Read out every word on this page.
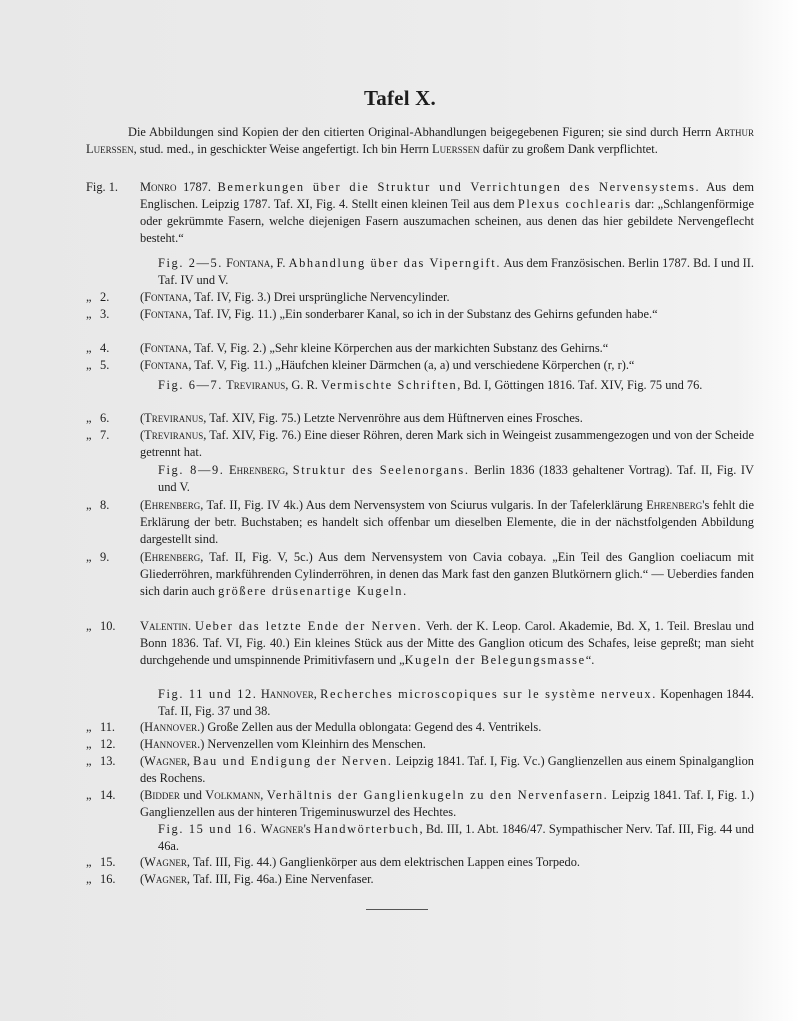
Tafel X.
Die Abbildungen sind Kopien der den citierten Original-Abhandlungen beigegebenen Figuren; sie sind durch Herrn Arthur Luerssen, stud. med., in geschickter Weise angefertigt. Ich bin Herrn Luerssen dafür zu großem Dank verpflichtet.
Fig. 1. Monro 1787. Bemerkungen über die Struktur und Verrichtungen des Nervensystems. Aus dem Englischen. Leipzig 1787. Taf. XI, Fig. 4. Stellt einen kleinen Teil aus dem Plexus cochlearis dar: „Schlangenförmige oder gekrümmte Fasern, welche diejenigen Fasern auszumachen scheinen, aus denen das hier gebildete Nervengeflecht besteht.“
Fig. 2—5. Fontana, F. Abhandlung über das Viperngift. Aus dem Französischen. Berlin 1787. Bd. I und II. Taf. IV und V.
„ 2. (Fontana, Taf. IV, Fig. 3.) Drei ursprüngliche Nervencylinder.
„ 3. (Fontana, Taf. IV, Fig. 11.) „Ein sonderbarer Kanal, so ich in der Substanz des Gehirns gefunden habe.“
„ 4. (Fontana, Taf. V, Fig. 2.) „Sehr kleine Körperchen aus der markichten Substanz des Gehirns.“
„ 5. (Fontana, Taf. V, Fig. 11.) „Häufchen kleiner Därmchen (a, a) und verschiedene Körperchen (r, r).“
Fig. 6—7. Treviranus, G. R. Vermischte Schriften, Bd. I, Göttingen 1816. Taf. XIV, Fig. 75 und 76.
„ 6. (Treviranus, Taf. XIV, Fig. 75.) Letzte Nervenröhre aus dem Hüftnerven eines Frosches.
„ 7. (Treviranus, Taf. XIV, Fig. 76.) Eine dieser Röhren, deren Mark sich in Weingeist zusammengezogen und von der Scheide getrennt hat.
Fig. 8—9. Ehrenberg, Struktur des Seelenorgans. Berlin 1836 (1833 gehaltener Vortrag). Taf. II, Fig. IV und V.
„ 8. (Ehrenberg, Taf. II, Fig. IV 4k.) Aus dem Nervensystem von Sciurus vulgaris. In der Tafelerklärung Ehrenberg's fehlt die Erklärung der betr. Buchstaben; es handelt sich offenbar um dieselben Elemente, die in der nächstfolgenden Abbildung dargestellt sind.
„ 9. (Ehrenberg, Taf. II, Fig. V, 5c.) Aus dem Nervensystem von Cavia cobaya. „Ein Teil des Ganglion coeliacum mit Gliederröhren, markführenden Cylinderröhren, in denen das Mark fast den ganzen Blutkörnern glich.“ — Ueberdies fanden sich darin auch größere drüsenartige Kugeln.
„ 10. Valentin. Ueber das letzte Ende der Nerven. Verh. der K. Leop. Carol. Akademie, Bd. X, 1. Teil. Breslau und Bonn 1836. Taf. VI, Fig. 40.) Ein kleines Stück aus der Mitte des Ganglion oticum des Schafes, leise gepreßt; man sieht durchgehende und umspinnende Primitivfasern und „Kugeln der Belegungsmasse“.
Fig. 11 und 12. Hannover, Recherches microscopiques sur le système nerveux. Kopenhagen 1844. Taf. II, Fig. 37 und 38.
„ 11. (Hannover.) Große Zellen aus der Medulla oblongata: Gegend des 4. Ventrikels.
„ 12. (Hannover.) Nervenzellen vom Kleinhirn des Menschen.
„ 13. (Wagner, Bau und Endigung der Nerven. Leipzig 1841. Taf. I, Fig. Vc.) Ganglienzellen aus einem Spinalganglion des Rochens.
„ 14. (Bidder und Volkmann, Verhältnis der Ganglienkugeln zu den Nervenfasern. Leipzig 1841. Taf. I, Fig. 1.) Ganglienzellen aus der hinteren Trigeminuswurzel des Hechtes.
Fig. 15 und 16. Wagner's Handwörterbuch, Bd. III, 1. Abt. 1846/47. Sympathischer Nerv. Taf. III, Fig. 44 und 46a.
„ 15. (Wagner, Taf. III, Fig. 44.) Ganglienkörper aus dem elektrischen Lappen eines Torpedo.
„ 16. (Wagner, Taf. III, Fig. 46a.) Eine Nervenfaser.
